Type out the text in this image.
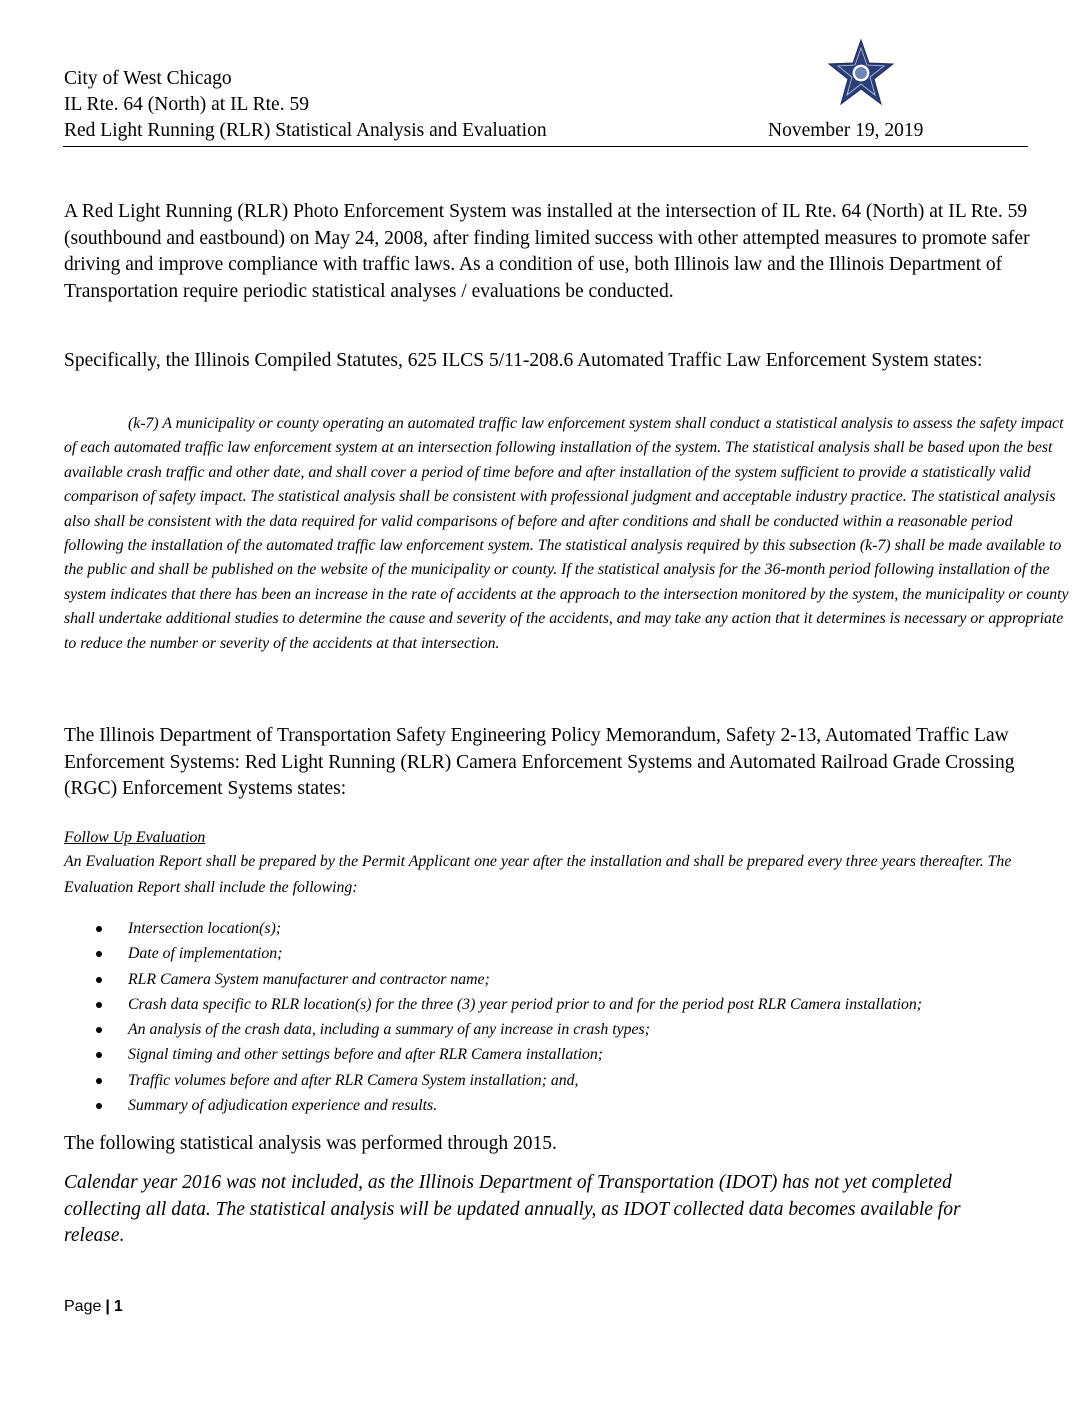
City of West Chicago
IL Rte. 64 (North) at IL Rte. 59
Red Light Running (RLR) Statistical Analysis and Evaluation	November 19, 2019

A Red Light Running (RLR) Photo Enforcement System was installed at the intersection of IL Rte. 64 (North) at IL Rte. 59 (southbound and eastbound) on May 24, 2008, after finding limited success with other attempted measures to promote safer driving and improve compliance with traffic laws. As a condition of use, both Illinois law and the Illinois Department of Transportation require periodic statistical analyses / evaluations be conducted.

Specifically, the Illinois Compiled Statutes, 625 ILCS 5/11-208.6 Automated Traffic Law Enforcement System states:

(k-7) A municipality or county operating an automated traffic law enforcement system shall conduct a statistical analysis to assess the safety impact of each automated traffic law enforcement system at an intersection following installation of the system. The statistical analysis shall be based upon the best available crash traffic and other date, and shall cover a period of time before and after installation of the system sufficient to provide a statistically valid comparison of safety impact. The statistical analysis shall be consistent with professional judgment and acceptable industry practice. The statistical analysis also shall be consistent with the data required for valid comparisons of before and after conditions and shall be conducted within a reasonable period following the installation of the automated traffic law enforcement system. The statistical analysis required by this subsection (k-7) shall be made available to the public and shall be published on the website of the municipality or county. If the statistical analysis for the 36-month period following installation of the system indicates that there has been an increase in the rate of accidents at the approach to the intersection monitored by the system, the municipality or county shall undertake additional studies to determine the cause and severity of the accidents, and may take any action that it determines is necessary or appropriate to reduce the number or severity of the accidents at that intersection.

The Illinois Department of Transportation Safety Engineering Policy Memorandum, Safety 2-13, Automated Traffic Law Enforcement Systems: Red Light Running (RLR) Camera Enforcement Systems and Automated Railroad Grade Crossing (RGC) Enforcement Systems states:

Follow Up Evaluation

An Evaluation Report shall be prepared by the Permit Applicant one year after the installation and shall be prepared every three years thereafter. The Evaluation Report shall include the following:

Intersection location(s);
Date of implementation;
RLR Camera System manufacturer and contractor name;
Crash data specific to RLR location(s) for the three (3) year period prior to and for the period post RLR Camera installation;
An analysis of the crash data, including a summary of any increase in crash types;
Signal timing and other settings before and after RLR Camera installation;
Traffic volumes before and after RLR Camera System installation; and,
Summary of adjudication experience and results.

The following statistical analysis was performed through 2015.

Calendar year 2016 was not included, as the Illinois Department of Transportation (IDOT) has not yet completed collecting all data. The statistical analysis will be updated annually, as IDOT collected data becomes available for release.

Page | 1
